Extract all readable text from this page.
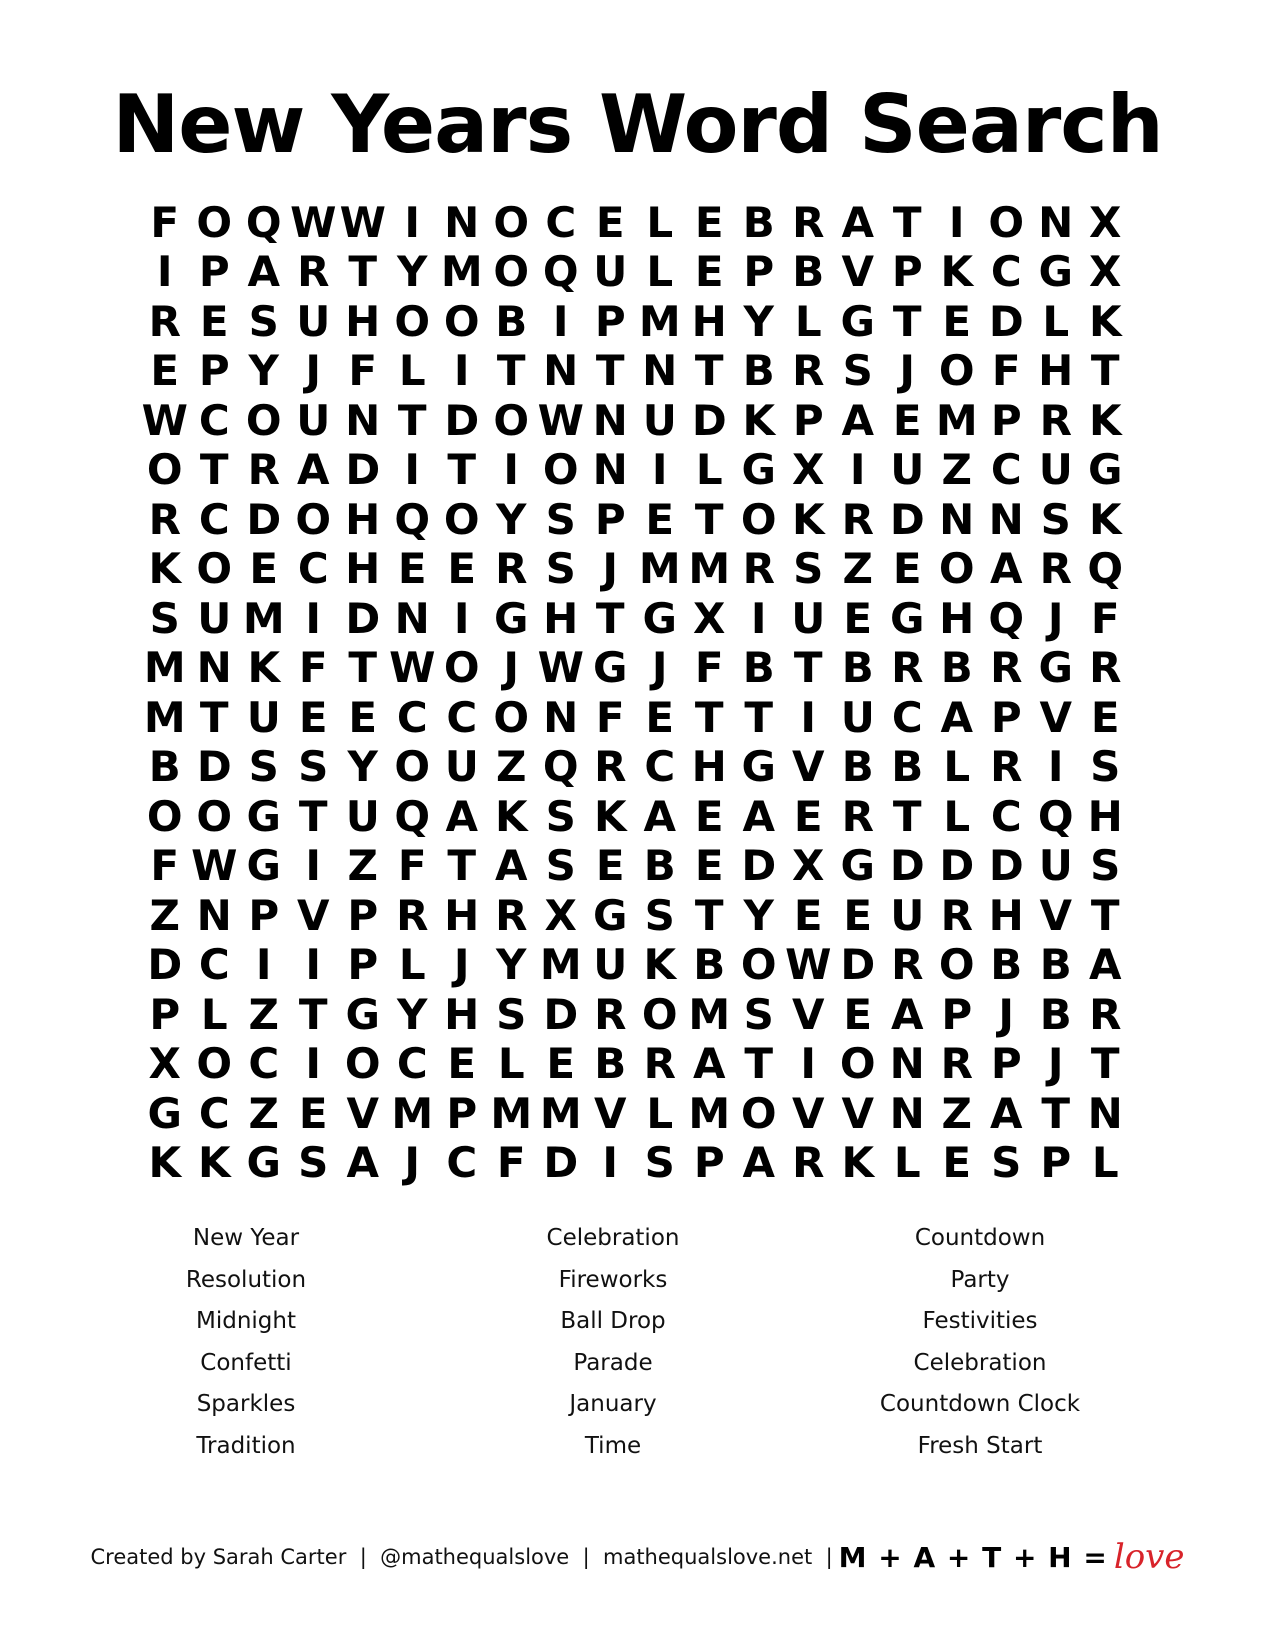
New Years Word Search
F O Q W W I N O C E L E B R A T I O N X
I P A R T Y M O Q U L E P B V P K C G X
R E S U H O O B I P M H Y L G T E D L K
E P Y J F L I T N T N T B R S J O F H T
W C O U N T D O W N U D K P A E M P R K
O T R A D I T I O N I L G X I U Z C U G
R C D O H Q O Y S P E T O K R D N N S K
K O E C H E E R S J M M R S Z E O A R Q
S U M I D N I G H T G X I U E G H Q J F
M N K F T W O J W G J F B T B R B R G R
M T U E E C C O N F E T T I U C A P V E
B D S S Y O U Z Q R C H G V B B L R I S
O O G T U Q A K S K A E A E R T L C Q H
F W G I Z F T A S E B E D X G D D D U S
Z N P V P R H R X G S T Y E E U R H V T
D C I I P L J Y M U K B O W D R O B B A
P L Z T G Y H S D R O M S V E A P J B R
X O C I O C E L E B R A T I O N R P J T
G C Z E V M P M M V L M O V V N Z A T N
K K G S A J C F D I S P A R K L E S P L
New Year
Resolution
Midnight
Confetti
Sparkles
Tradition
Celebration
Fireworks
Ball Drop
Parade
January
Time
Countdown
Party
Festivities
Celebration
Countdown Clock
Fresh Start
Created by Sarah Carter  |  @mathequalslove  |  mathequalslove.net  | M + A + T + H = love
